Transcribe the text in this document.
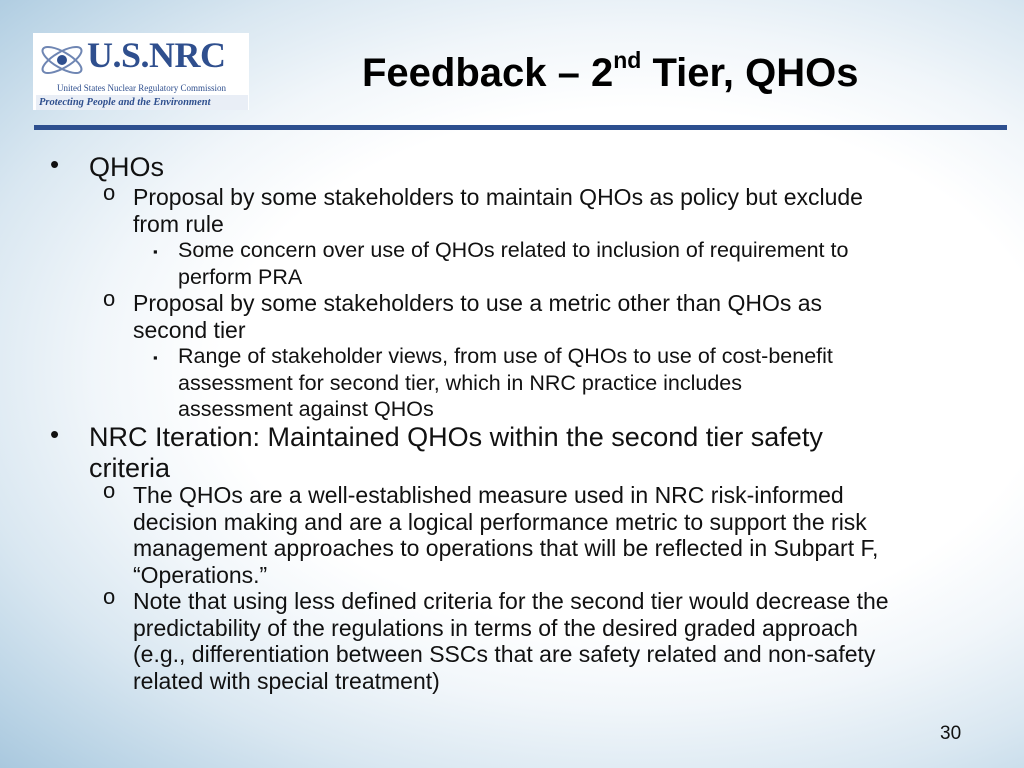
U.S.NRC
United States Nuclear Regulatory Commission
Protecting People and the Environment
Feedback – 2nd Tier, QHOs
• QHOs
o Proposal by some stakeholders to maintain QHOs as policy but exclude
from rule
▪ Some concern over use of QHOs related to inclusion of requirement to
perform PRA
o Proposal by some stakeholders to use a metric other than QHOs as
second tier
▪ Range of stakeholder views, from use of QHOs to use of cost-benefit
assessment for second tier, which in NRC practice includes
assessment against QHOs
• NRC Iteration: Maintained QHOs within the second tier safety
criteria
o The QHOs are a well-established measure used in NRC risk-informed
decision making and are a logical performance metric to support the risk
management approaches to operations that will be reflected in Subpart F,
“Operations.”
o Note that using less defined criteria for the second tier would decrease the
predictability of the regulations in terms of the desired graded approach
(e.g., differentiation between SSCs that are safety related and non-safety
related with special treatment)
30
